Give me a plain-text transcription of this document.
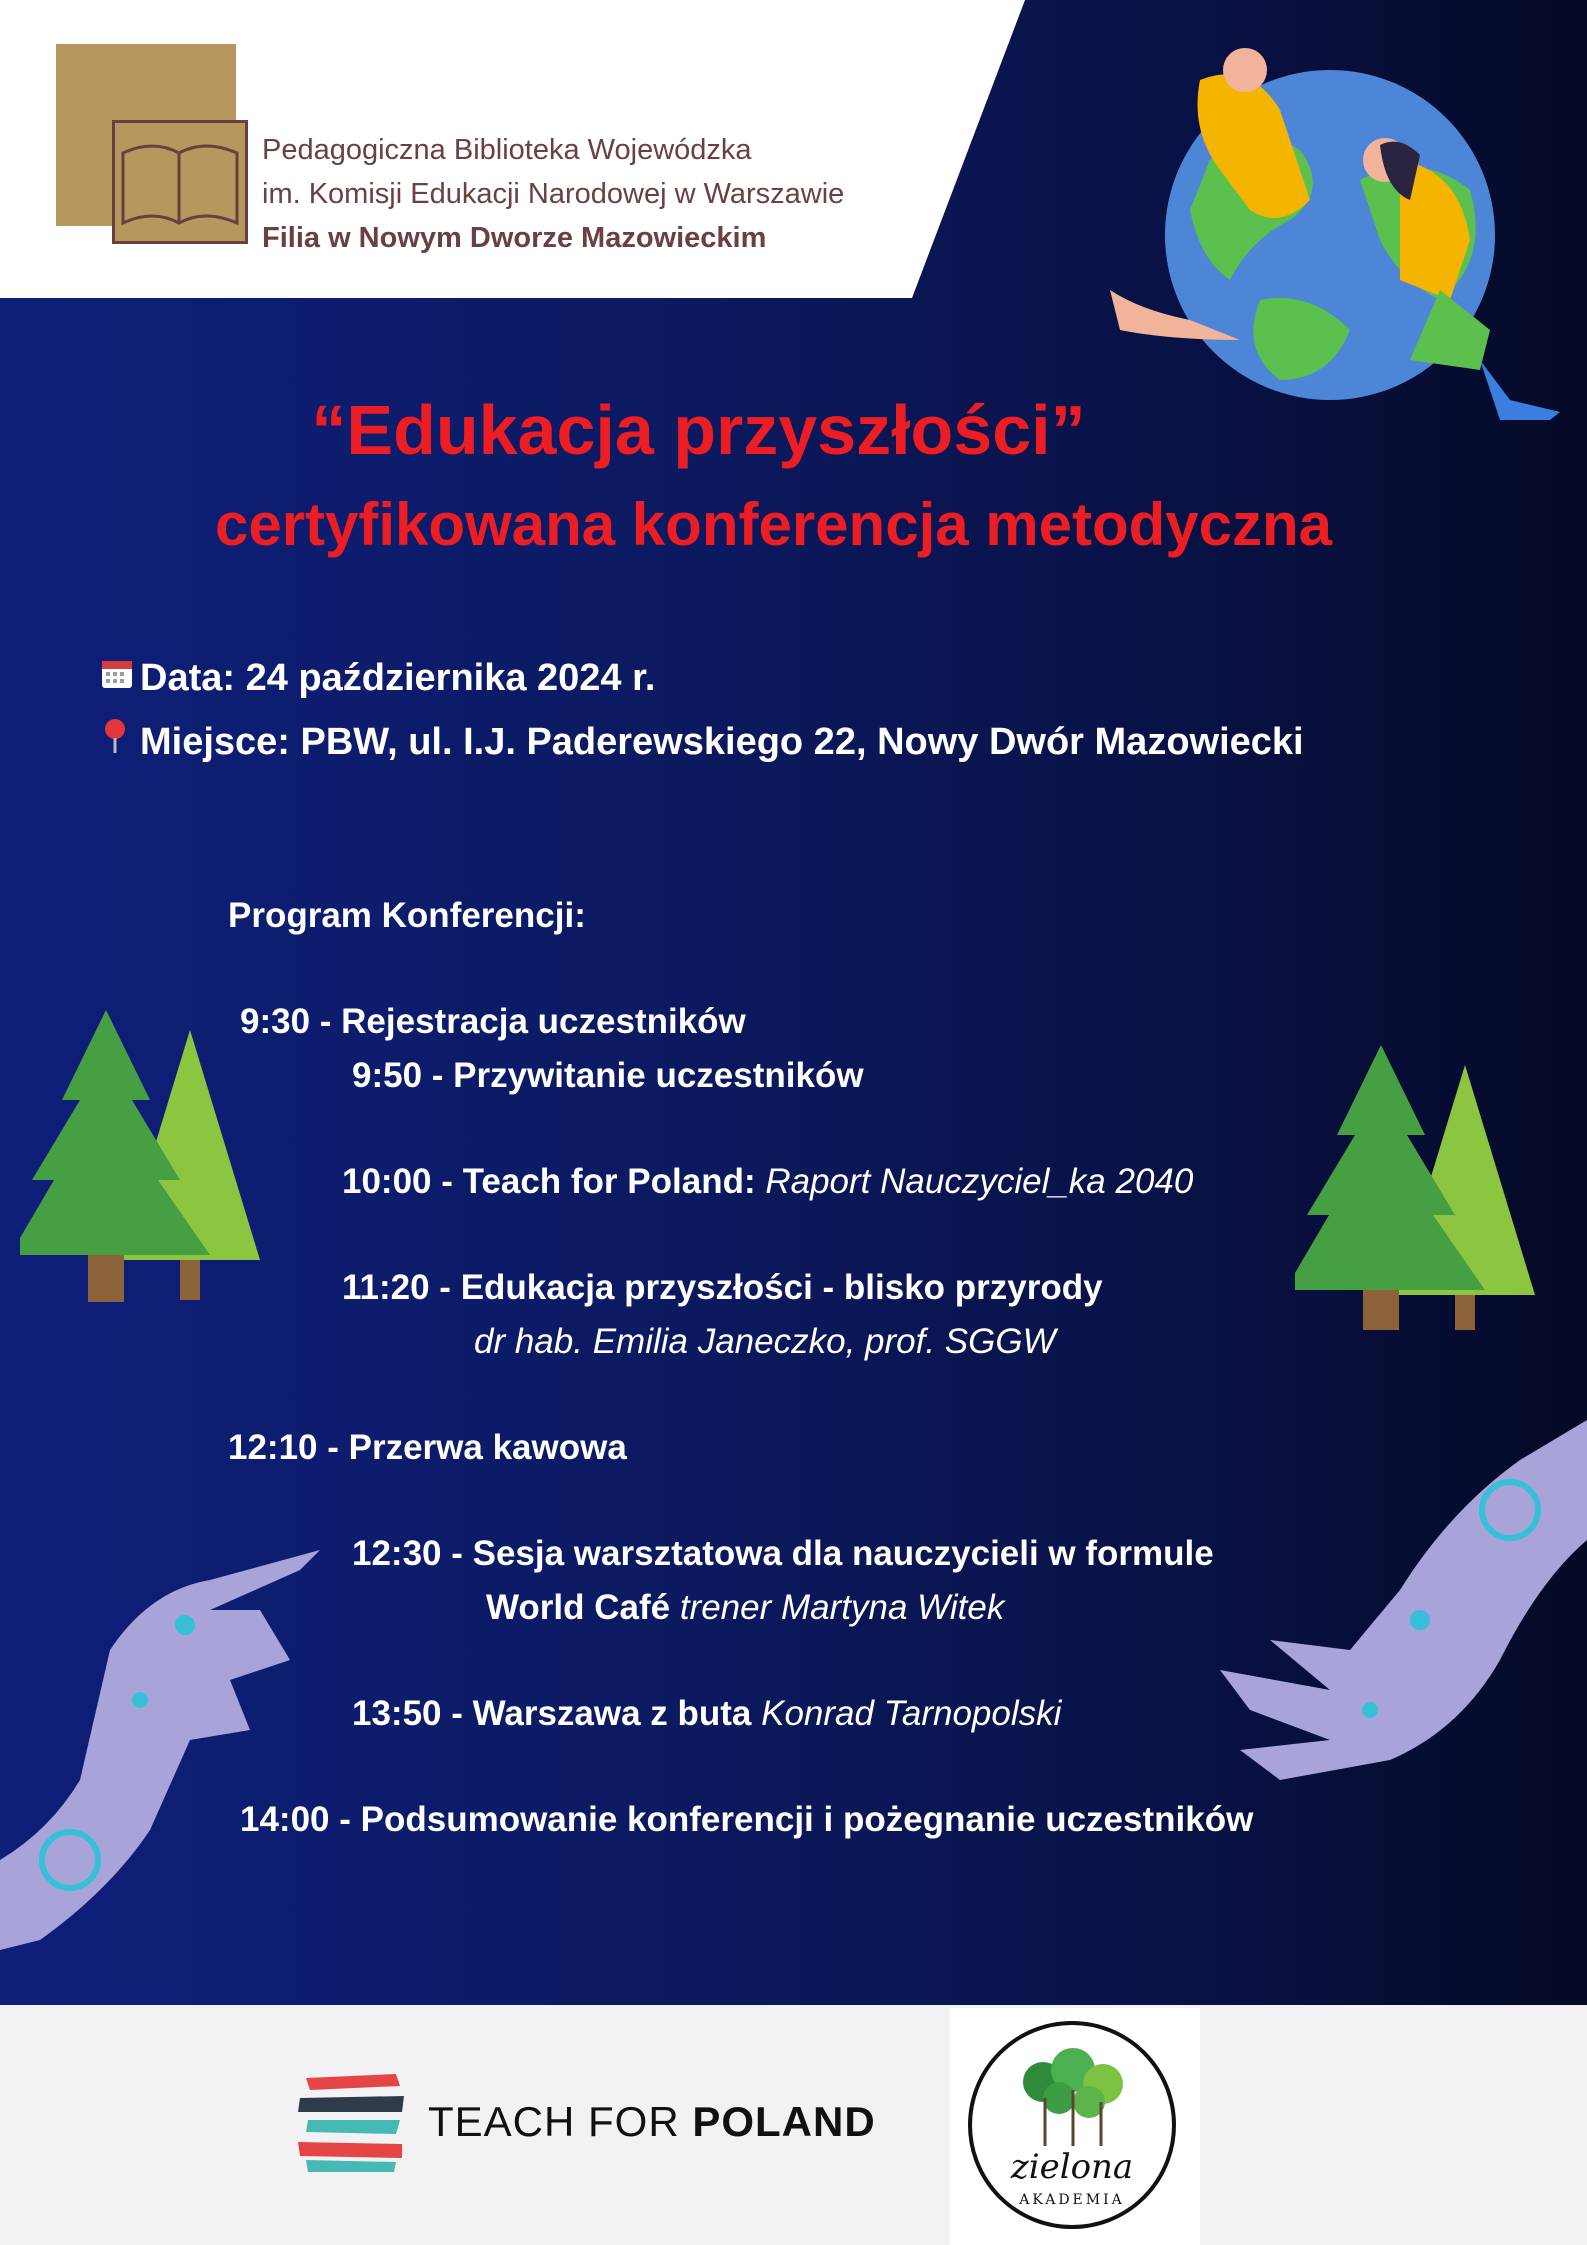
Pedagogiczna Biblioteka Wojewódzka
im. Komisji Edukacji Narodowej w Warszawie
Filia w Nowym Dworze Mazowieckim
“Edukacja przyszłości”
certyfikowana konferencja metodyczna
Data: 24 października 2024 r.
Miejsce: PBW, ul. I.J. Paderewskiego 22, Nowy Dwór Mazowiecki
Program Konferencji:
9:30 - Rejestracja uczestników
9:50 - Przywitanie uczestników
10:00 - Teach for Poland: Raport Nauczyciel_ka 2040
11:20 - Edukacja przyszłości - blisko przyrody
dr hab. Emilia Janeczko, prof. SGGW
12:10 - Przerwa kawowa
12:30 - Sesja warsztatowa dla nauczycieli w formule
World Café trener Martyna Witek
13:50 - Warszawa z buta Konrad Tarnopolski
14:00 - Podsumowanie konferencji i pożegnanie uczestników
TEACH FOR POLAND
zielona
AKADEMIA
